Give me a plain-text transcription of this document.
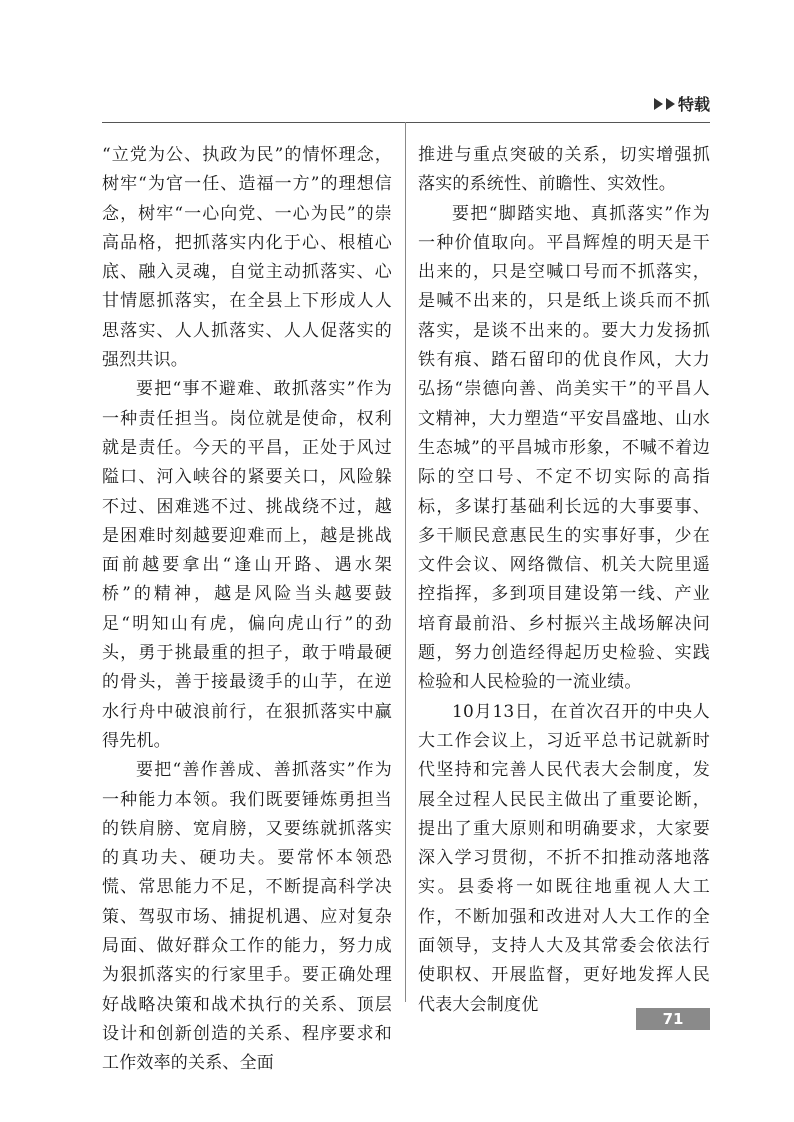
特载

“立党为公、执政为民”的情怀理念，树牢“为官一任、造福一方”的理想信念，树牢“一心向党、一心为民”的崇高品格，把抓落实内化于心、根植心底、融入灵魂，自觉主动抓落实、心甘情愿抓落实，在全县上下形成人人思落实、人人抓落实、人人促落实的强烈共识。

要把“事不避难、敢抓落实”作为一种责任担当。岗位就是使命，权利就是责任。今天的平昌，正处于风过隘口、河入峡谷的紧要关口，风险躲不过、困难逃不过、挑战绕不过，越是困难时刻越要迎难而上，越是挑战面前越要拿出“逢山开路、遇水架桥”的精神，越是风险当头越要鼓足“明知山有虎，偏向虎山行”的劲头，勇于挑最重的担子，敢于啃最硬的骨头，善于接最烫手的山芋，在逆水行舟中破浪前行，在狠抓落实中赢得先机。

要把“善作善成、善抓落实”作为一种能力本领。我们既要锤炼勇担当的铁肩膀、宽肩膀，又要练就抓落实的真功夫、硬功夫。要常怀本领恐慌、常思能力不足，不断提高科学决策、驾驭市场、捕捉机遇、应对复杂局面、做好群众工作的能力，努力成为狠抓落实的行家里手。要正确处理好战略决策和战术执行的关系、顶层设计和创新创造的关系、程序要求和工作效率的关系、全面

推进与重点突破的关系，切实增强抓落实的系统性、前瞻性、实效性。

要把“脚踏实地、真抓落实”作为一种价值取向。平昌辉煌的明天是干出来的，只是空喊口号而不抓落实，是喊不出来的，只是纸上谈兵而不抓落实，是谈不出来的。要大力发扬抓铁有痕、踏石留印的优良作风，大力弘扬“崇德向善、尚美实干”的平昌人文精神，大力塑造“平安昌盛地、山水生态城”的平昌城市形象，不喊不着边际的空口号、不定不切实际的高指标，多谋打基础利长远的大事要事、多干顺民意惠民生的实事好事，少在文件会议、网络微信、机关大院里遥控指挥，多到项目建设第一线、产业培育最前沿、乡村振兴主战场解决问题，努力创造经得起历史检验、实践检验和人民检验的一流业绩。

10月13日，在首次召开的中央人大工作会议上，习近平总书记就新时代坚持和完善人民代表大会制度，发展全过程人民民主做出了重要论断，提出了重大原则和明确要求，大家要深入学习贯彻，不折不扣推动落地落实。县委将一如既往地重视人大工作，不断加强和改进对人大工作的全面领导，支持人大及其常委会依法行使职权、开展监督，更好地发挥人民代表大会制度优

71
